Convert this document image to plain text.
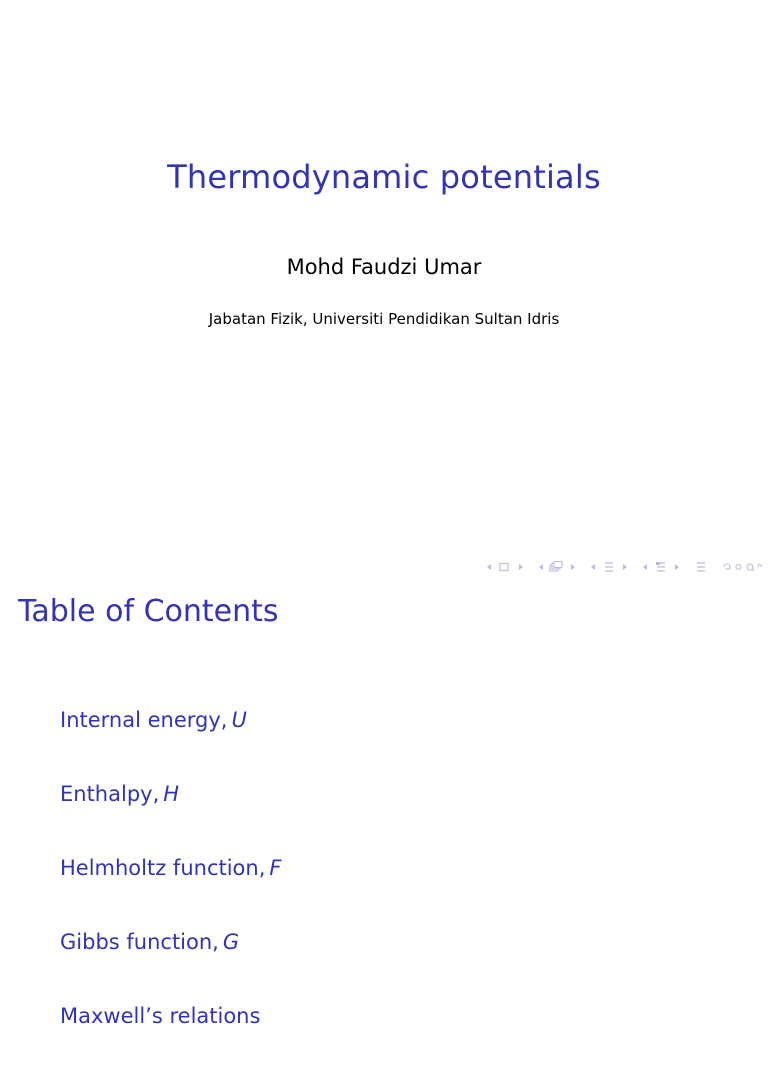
Thermodynamic potentials
Mohd Faudzi Umar
Jabatan Fizik, Universiti Pendidikan Sultan Idris
Table of Contents
Internal energy, U
Enthalpy, H
Helmholtz function, F
Gibbs function, G
Maxwell’s relations
